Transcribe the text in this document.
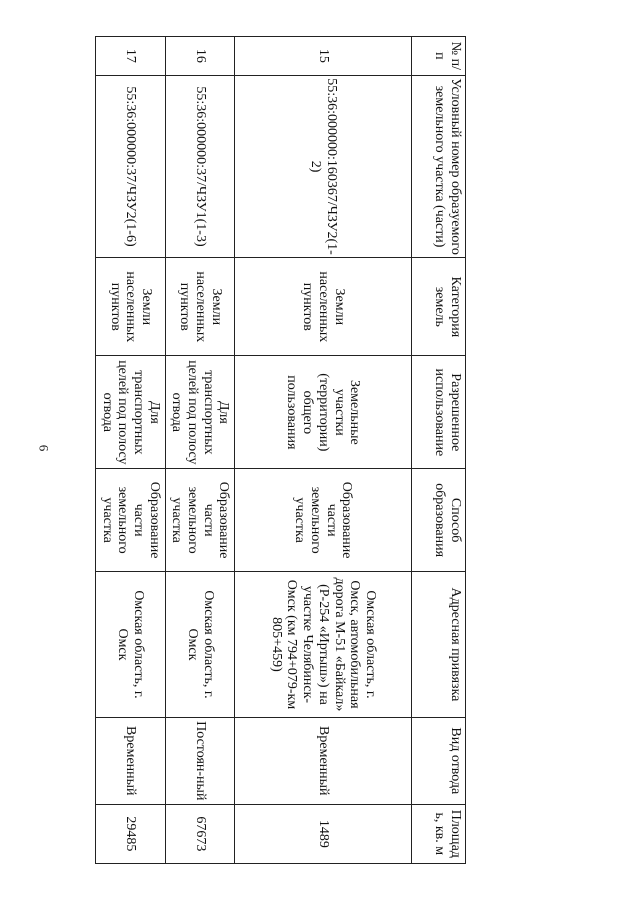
6
№ п/п	Условный номер образуемого земельного участка (части)	Категория земель	Разрешенное использование	Способ образования	Адресная привязка	Вид отвода	Площадь, кв. м
15	55:36:000000:160367/ЧЗУ2(1-2)	Земли населенных пунктов	Земельные участки (территории) общего пользования	Образование части земельного участка	Омская область, г. Омск, автомобильная дорога М-51 «Байкал» (Р-254 «Иртыш») на участке Челябинск-Омск (км 794+079-км 805+459)	Временный	1489
16	55:36:000000:37/ЧЗУ1(1-3)	Земли населенных пунктов	Для транспортных целей под полосу отвода	Образование части земельного участка	Омская область, г. Омск	Постоян-ный	67673
17	55:36:000000:37/ЧЗУ2(1-6)	Земли населенных пунктов	Для транспортных целей под полосу отвода	Образование части земельного участка	Омская область, г. Омск	Временный	29485
